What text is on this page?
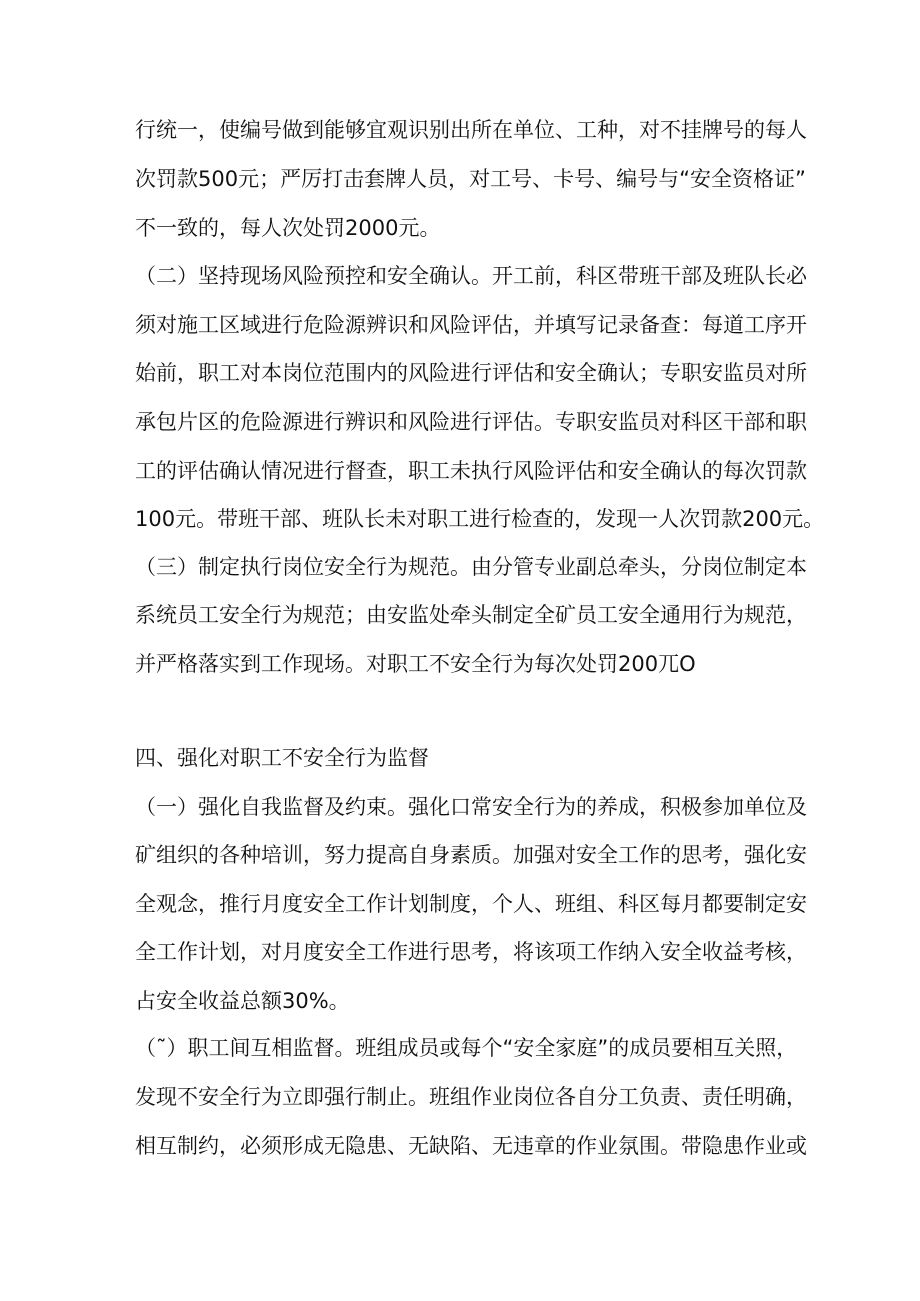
行统一，使编号做到能够宜观识别出所在单位、工种，对不挂牌号的每人
次罚款500元；严厉打击套牌人员，对工号、卡号、编号与“安全资格证”
不一致的，每人次处罚2000元。
（二）坚持现场风险预控和安全确认。开工前，科区带班干部及班队长必
须对施工区域进行危险源辨识和风险评估，并填写记录备查：每道工序开
始前，职工对本岗位范围内的风险进行评估和安全确认；专职安监员对所
承包片区的危险源进行辨识和风险进行评估。专职安监员对科区干部和职
工的评估确认情况进行督查，职工未执行风险评估和安全确认的每次罚款
100元。带班干部、班队长未对职工进行检查的，发现一人次罚款200元。
（三）制定执行岗位安全行为规范。由分管专业副总牵头，分岗位制定本
系统员工安全行为规范；由安监处牵头制定全矿员工安全通用行为规范，
并严格落实到工作现场。对职工不安全行为每次处罚200兀O
四、强化对职工不安全行为监督
（一）强化自我监督及约束。强化口常安全行为的养成，积极参加单位及
矿组织的各种培训，努力提高自身素质。加强对安全工作的思考，强化安
全观念，推行月度安全工作计划制度，个人、班组、科区每月都要制定安
全工作计划，对月度安全工作进行思考，将该项工作纳入安全收益考核，
占安全收益总额30%。
（˜）职工间互相监督。班组成员或每个“安全家庭”的成员要相互关照，
发现不安全行为立即强行制止。班组作业岗位各自分工负责、责任明确，
相互制约，必须形成无隐患、无缺陷、无违章的作业氛围。带隐患作业或
